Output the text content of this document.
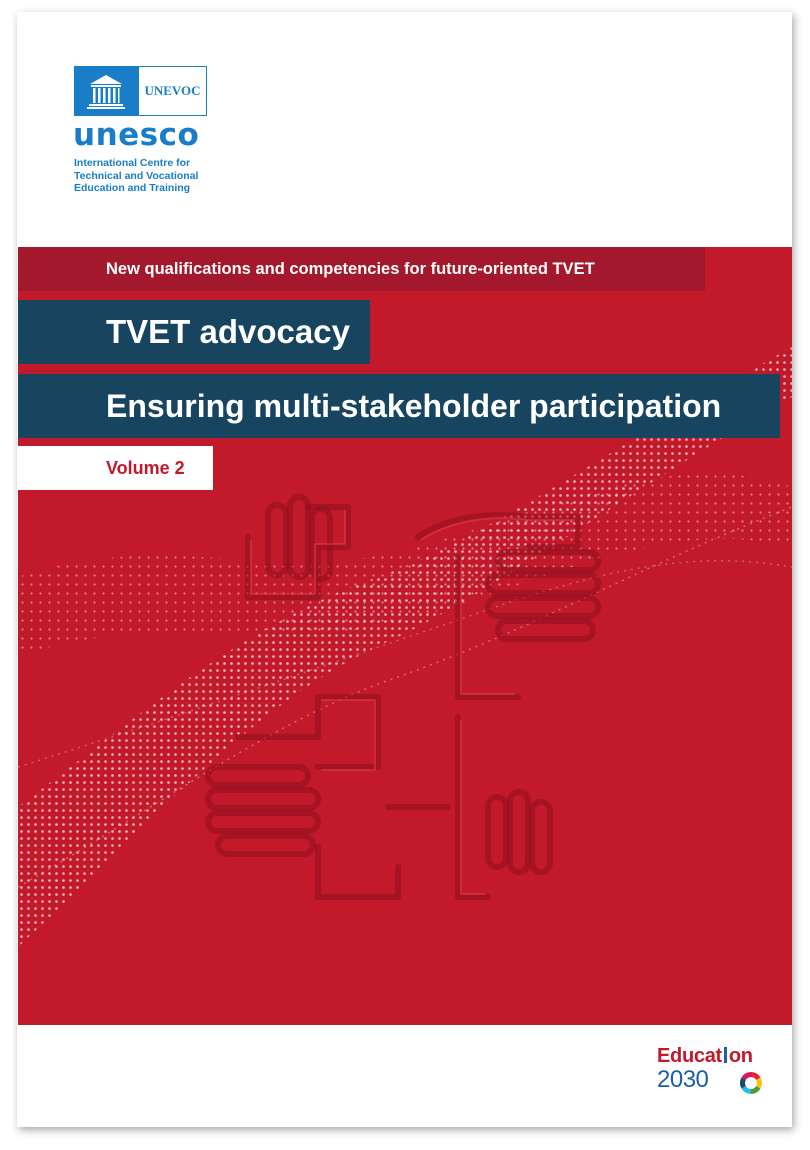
UNEVOC
unesco
International Centre for
Technical and Vocational
Education and Training
New qualifications and competencies for future-oriented TVET
TVET advocacy
Ensuring multi-stakeholder participation
Volume 2
Educat on
2030
